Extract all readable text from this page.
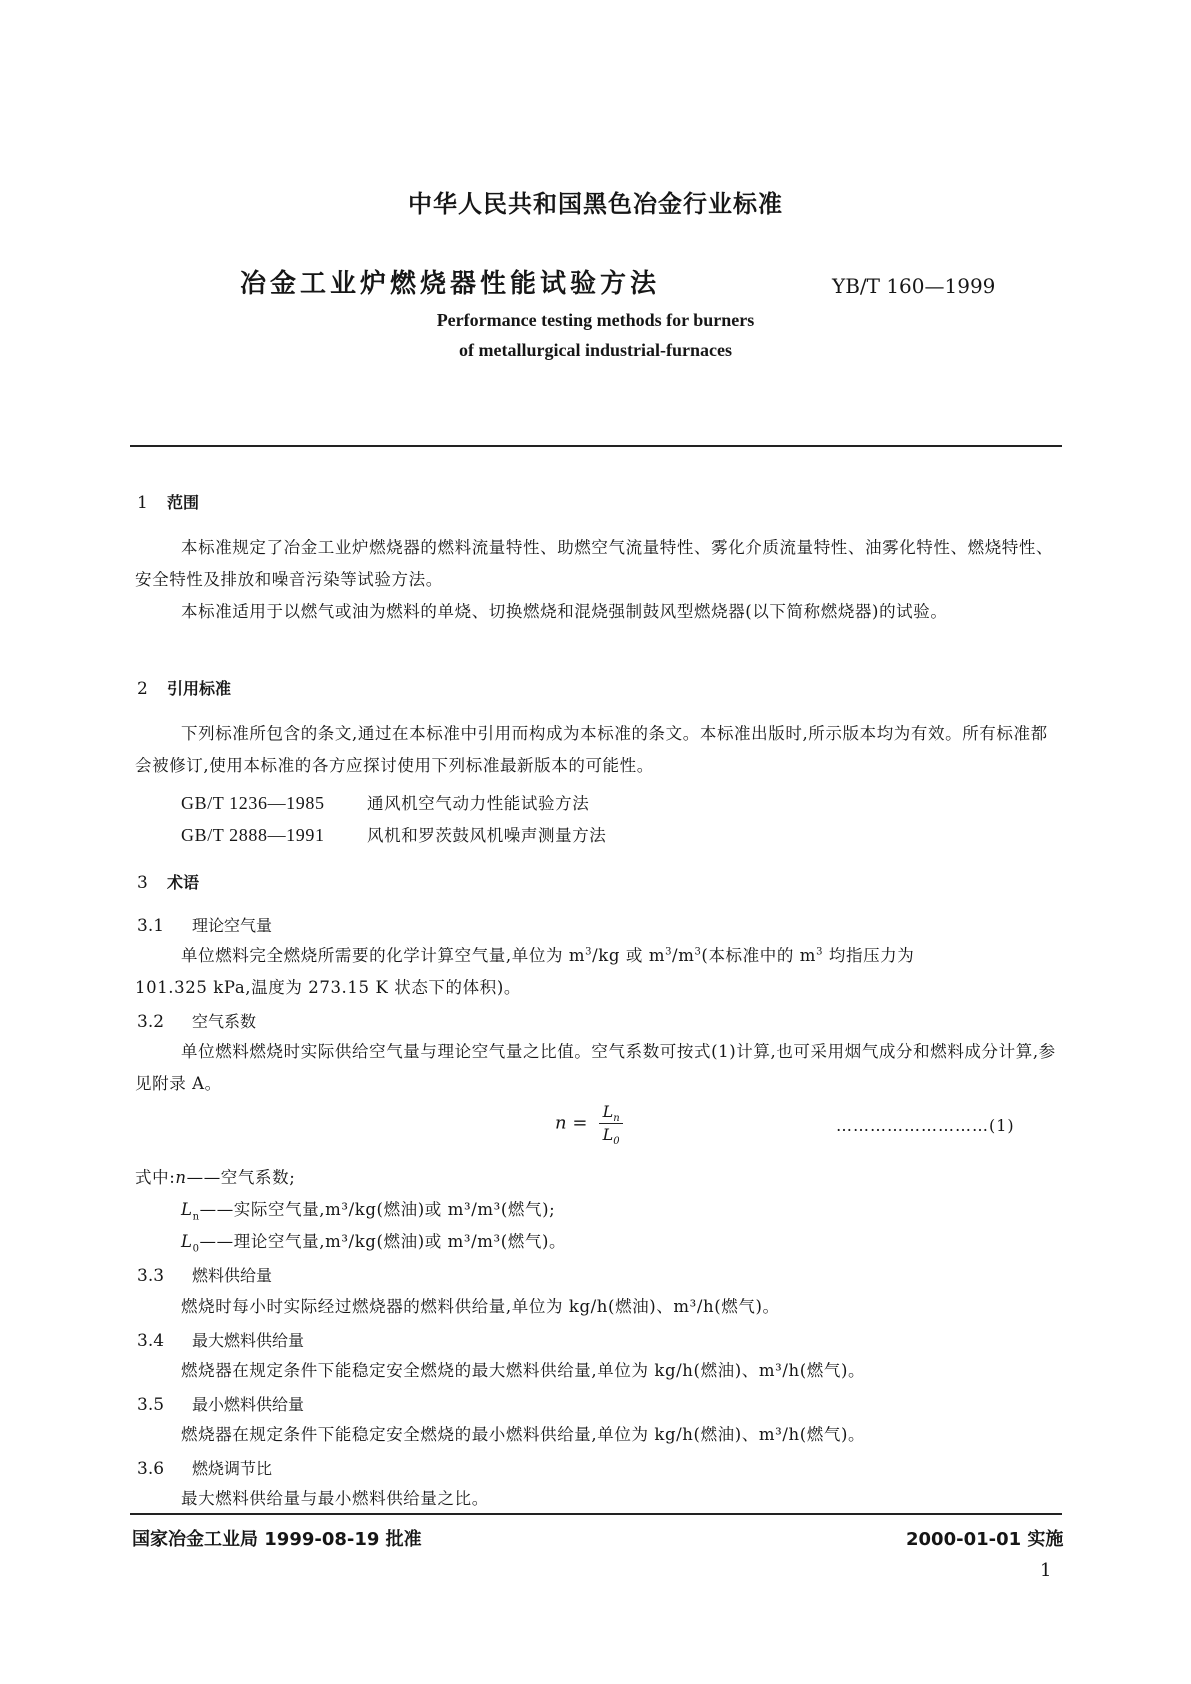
中华人民共和国黑色冶金行业标准
冶金工业炉燃烧器性能试验方法	YB/T 160—1999
Performance testing methods for burners
of metallurgical industrial-furnaces
1 范围
本标准规定了冶金工业炉燃烧器的燃料流量特性、助燃空气流量特性、雾化介质流量特性、油雾化特性、燃烧特性、安全特性及排放和噪音污染等试验方法。
本标准适用于以燃气或油为燃料的单烧、切换燃烧和混烧强制鼓风型燃烧器(以下简称燃烧器)的试验。
2 引用标准
下列标准所包含的条文,通过在本标准中引用而构成为本标准的条文。本标准出版时,所示版本均为有效。所有标准都会被修订,使用本标准的各方应探讨使用下列标准最新版本的可能性。
GB/T 1236—1985	通风机空气动力性能试验方法
GB/T 2888—1991	风机和罗茨鼓风机噪声测量方法
3 术语
3.1 理论空气量
单位燃料完全燃烧所需要的化学计算空气量,单位为 $m^3/kg$ 或 $m^3/m^3$(本标准中的 $m^3$ 均指压力为
101.325 kPa,温度为 273.15 K 状态下的体积)。
3.2 空气系数
单位燃料燃烧时实际供给空气量与理论空气量之比值。空气系数可按式(1)计算,也可采用烟气成分和燃料成分计算,参见附录 A。
$n = \frac{L_n}{L_0}$	………………………(1)
式中:n——空气系数;
$L_n——$实际空气量,m³/kg(燃油)或 m³/m³(燃气);
$L_0——$理论空气量,m³/kg(燃油)或 m³/m³(燃气)。
3.3 燃料供给量
燃烧时每小时实际经过燃烧器的燃料供给量,单位为 kg/h(燃油)、m³/h(燃气)。
3.4 最大燃料供给量
燃烧器在规定条件下能稳定安全燃烧的最大燃料供给量,单位为 kg/h(燃油)、m³/h(燃气)。
3.5 最小燃料供给量
燃烧器在规定条件下能稳定安全燃烧的最小燃料供给量,单位为 kg/h(燃油)、m³/h(燃气)。
3.6 燃烧调节比
最大燃料供给量与最小燃料供给量之比。
国家冶金工业局 1999-08-19 批准	2000-01-01 实施
1
